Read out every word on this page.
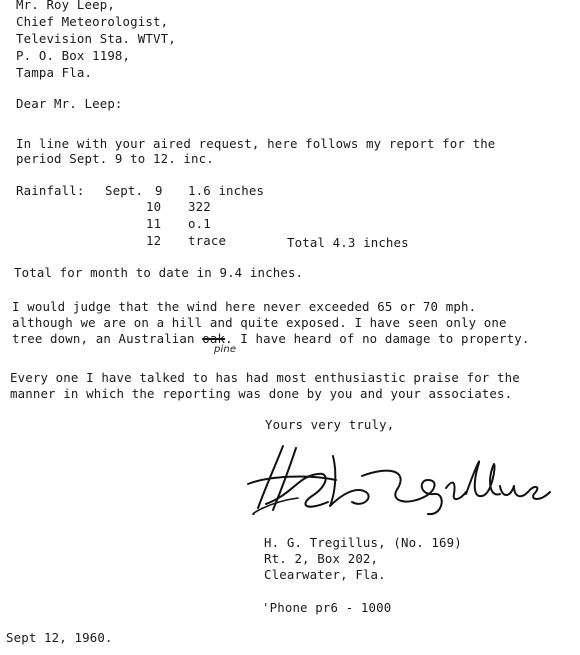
Mr. Roy Leep,
Chief Meteorologist,
Television Sta. WTVT,
P. O. Box 1198,
Tampa Fla.
Dear Mr. Leep:
In line with your aired request, here follows my report for the
period Sept. 9 to 12. inc.
Rainfall: Sept. 9 1.6 inches
10 322
11 o.1
12 trace	Total 4.3 inches
Total for month to date in 9.4 inches.
I would judge that the wind here never exceeded 65 or 70 mph.
although we are on a hill and quite exposed. I have seen only one
tree down, an Australian oak. I have heard of no damage to property.
pine
Every one I have talked to has had most enthusiastic praise for the
manner in which the reporting was done by you and your associates.
Yours very truly,
H. G. Tregillus, (No. 169)
Rt. 2, Box 202,
Clearwater, Fla.
'Phone pr6 - 1000
Sept 12, 1960.
